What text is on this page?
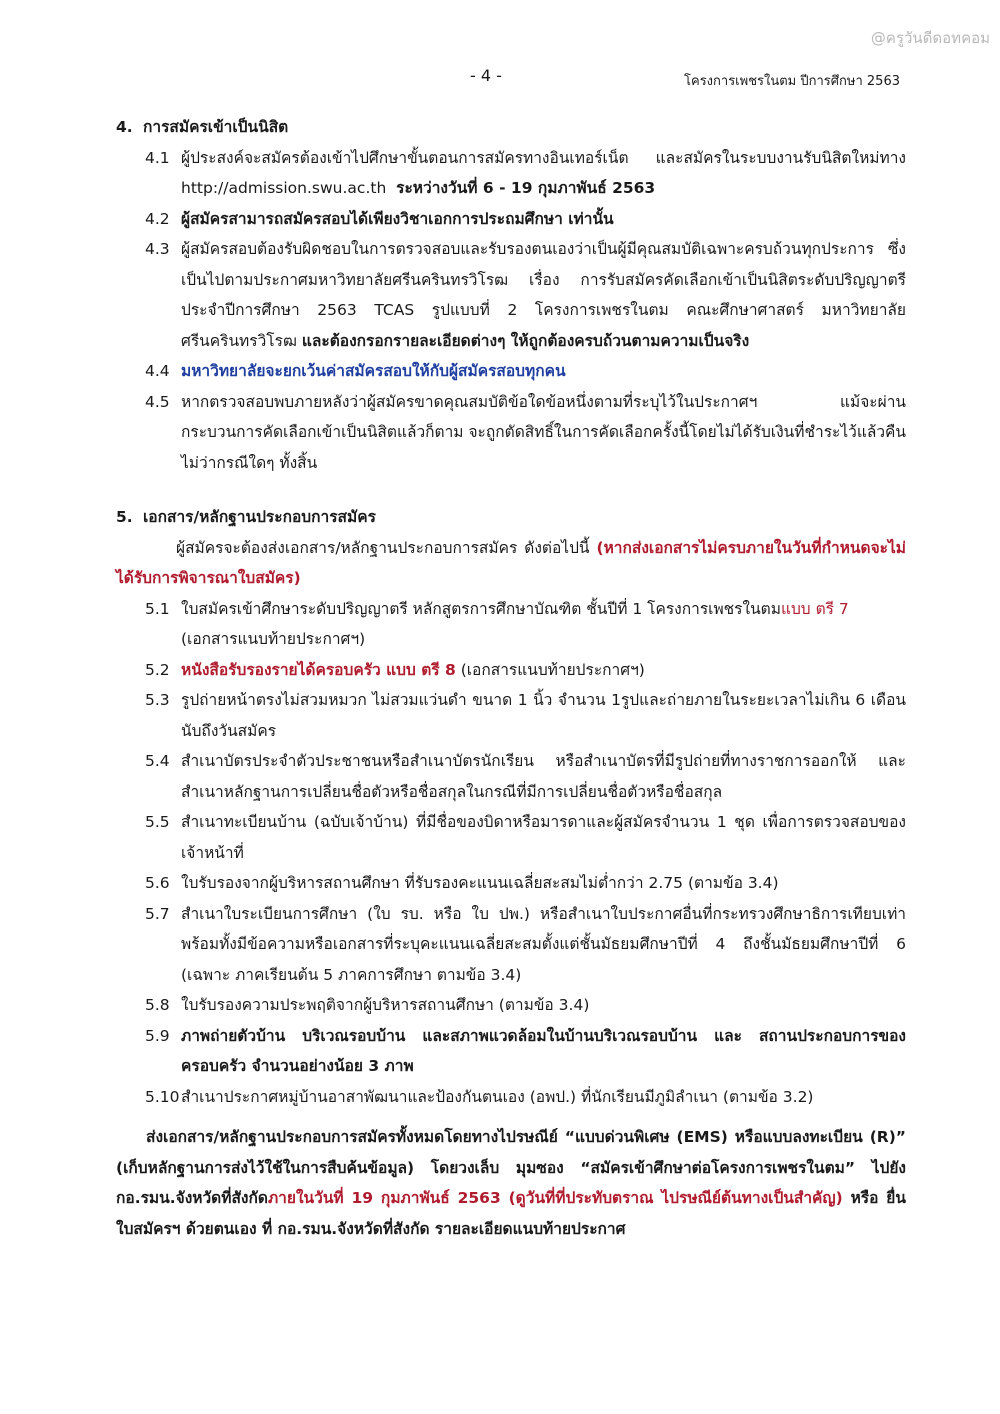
@ครูวันดีดอทคอม
- 4 -	โครงการเพชรในตม ปีการศึกษา 2563

4. การสมัครเข้าเป็นนิสิต

4.1 ผู้ประสงค์จะสมัครต้องเข้าไปศึกษาขั้นตอนการสมัครทางอินเทอร์เน็ต และสมัครในระบบงานรับนิสิตใหม่ทาง http://admission.swu.ac.th ระหว่างวันที่ 6 - 19 กุมภาพันธ์ 2563
4.2 ผู้สมัครสามารถสมัครสอบได้เพียงวิชาเอกการประถมศึกษา เท่านั้น
4.3 ผู้สมัครสอบต้องรับผิดชอบในการตรวจสอบและรับรองตนเองว่าเป็นผู้มีคุณสมบัติเฉพาะครบถ้วนทุกประการ ซึ่งเป็นไปตามประกาศมหาวิทยาลัยศรีนครินทรวิโรฒ เรื่อง การรับสมัครคัดเลือกเข้าเป็นนิสิตระดับปริญญาตรีประจำปีการศึกษา 2563 TCAS รูปแบบที่ 2 โครงการเพชรในตม คณะศึกษาศาสตร์ มหาวิทยาลัยศรีนครินทรวิโรฒ และต้องกรอกรายละเอียดต่างๆ ให้ถูกต้องครบถ้วนตามความเป็นจริง
4.4 มหาวิทยาลัยจะยกเว้นค่าสมัครสอบให้กับผู้สมัครสอบทุกคน
4.5 หากตรวจสอบพบภายหลังว่าผู้สมัครขาดคุณสมบัติข้อใดข้อหนึ่งตามที่ระบุไว้ในประกาศฯ แม้จะผ่านกระบวนการคัดเลือกเข้าเป็นนิสิตแล้วก็ตาม จะถูกตัดสิทธิ์ในการคัดเลือกครั้งนี้โดยไม่ได้รับเงินที่ชำระไว้แล้วคืนไม่ว่ากรณีใดๆ ทั้งสิ้น

5. เอกสาร/หลักฐานประกอบการสมัคร

ผู้สมัครจะต้องส่งเอกสาร/หลักฐานประกอบการสมัคร ดังต่อไปนี้ (หากส่งเอกสารไม่ครบภายในวันที่กำหนดจะไม่ได้รับการพิจารณาใบสมัคร)

5.1 ใบสมัครเข้าศึกษาระดับปริญญาตรี หลักสูตรการศึกษาบัณฑิต ชั้นปีที่ 1 โครงการเพชรในตมแบบ ตรี 7
(เอกสารแนบท้ายประกาศฯ)
5.2 หนังสือรับรองรายได้ครอบครัว แบบ ตรี 8 (เอกสารแนบท้ายประกาศฯ)
5.3 รูปถ่ายหน้าตรงไม่สวมหมวก ไม่สวมแว่นดำ ขนาด 1 นิ้ว จำนวน 1รูปและถ่ายภายในระยะเวลาไม่เกิน 6 เดือน นับถึงวันสมัคร
5.4 สำเนาบัตรประจำตัวประชาชนหรือสำเนาบัตรนักเรียน หรือสำเนาบัตรที่มีรูปถ่ายที่ทางราชการออกให้ และสำเนาหลักฐานการเปลี่ยนชื่อตัวหรือชื่อสกุลในกรณีที่มีการเปลี่ยนชื่อตัวหรือชื่อสกุล
5.5 สำเนาทะเบียนบ้าน (ฉบับเจ้าบ้าน) ที่มีชื่อของบิดาหรือมารดาและผู้สมัครจำนวน 1 ชุด เพื่อการตรวจสอบของเจ้าหน้าที่
5.6 ใบรับรองจากผู้บริหารสถานศึกษา ที่รับรองคะแนนเฉลี่ยสะสมไม่ต่ำกว่า 2.75 (ตามข้อ 3.4)
5.7 สำเนาใบระเบียนการศึกษา (ใบ รบ. หรือ ใบ ปพ.) หรือสำเนาใบประกาศอื่นที่กระทรวงศึกษาธิการเทียบเท่า พร้อมทั้งมีข้อความหรือเอกสารที่ระบุคะแนนเฉลี่ยสะสมตั้งแต่ชั้นมัธยมศึกษาปีที่ 4 ถึงชั้นมัธยมศึกษาปีที่ 6 (เฉพาะ ภาคเรียนต้น 5 ภาคการศึกษา ตามข้อ 3.4)
5.8 ใบรับรองความประพฤติจากผู้บริหารสถานศึกษา (ตามข้อ 3.4)
5.9 ภาพถ่ายตัวบ้าน บริเวณรอบบ้าน และสภาพแวดล้อมในบ้านบริเวณรอบบ้าน และ สถานประกอบการของครอบครัว จำนวนอย่างน้อย 3 ภาพ
5.10 สำเนาประกาศหมู่บ้านอาสาพัฒนาและป้องกันตนเอง (อพป.) ที่นักเรียนมีภูมิลำเนา (ตามข้อ 3.2)

ส่งเอกสาร/หลักฐานประกอบการสมัครทั้งหมดโดยทางไปรษณีย์ “แบบด่วนพิเศษ (EMS) หรือแบบลงทะเบียน (R)” (เก็บหลักฐานการส่งไว้ใช้ในการสืบค้นข้อมูล) โดยวงเล็บ มุมซอง “สมัครเข้าศึกษาต่อโครงการเพชรในตม” ไปยัง กอ.รมน.จังหวัดที่สังกัดภายในวันที่ 19 กุมภาพันธ์ 2563 (ดูวันที่ที่ประทับตราณ ไปรษณีย์ต้นทางเป็นสำคัญ) หรือ ยื่นใบสมัครฯ ด้วยตนเอง ที่ กอ.รมน.จังหวัดที่สังกัด รายละเอียดแนบท้ายประกาศ
